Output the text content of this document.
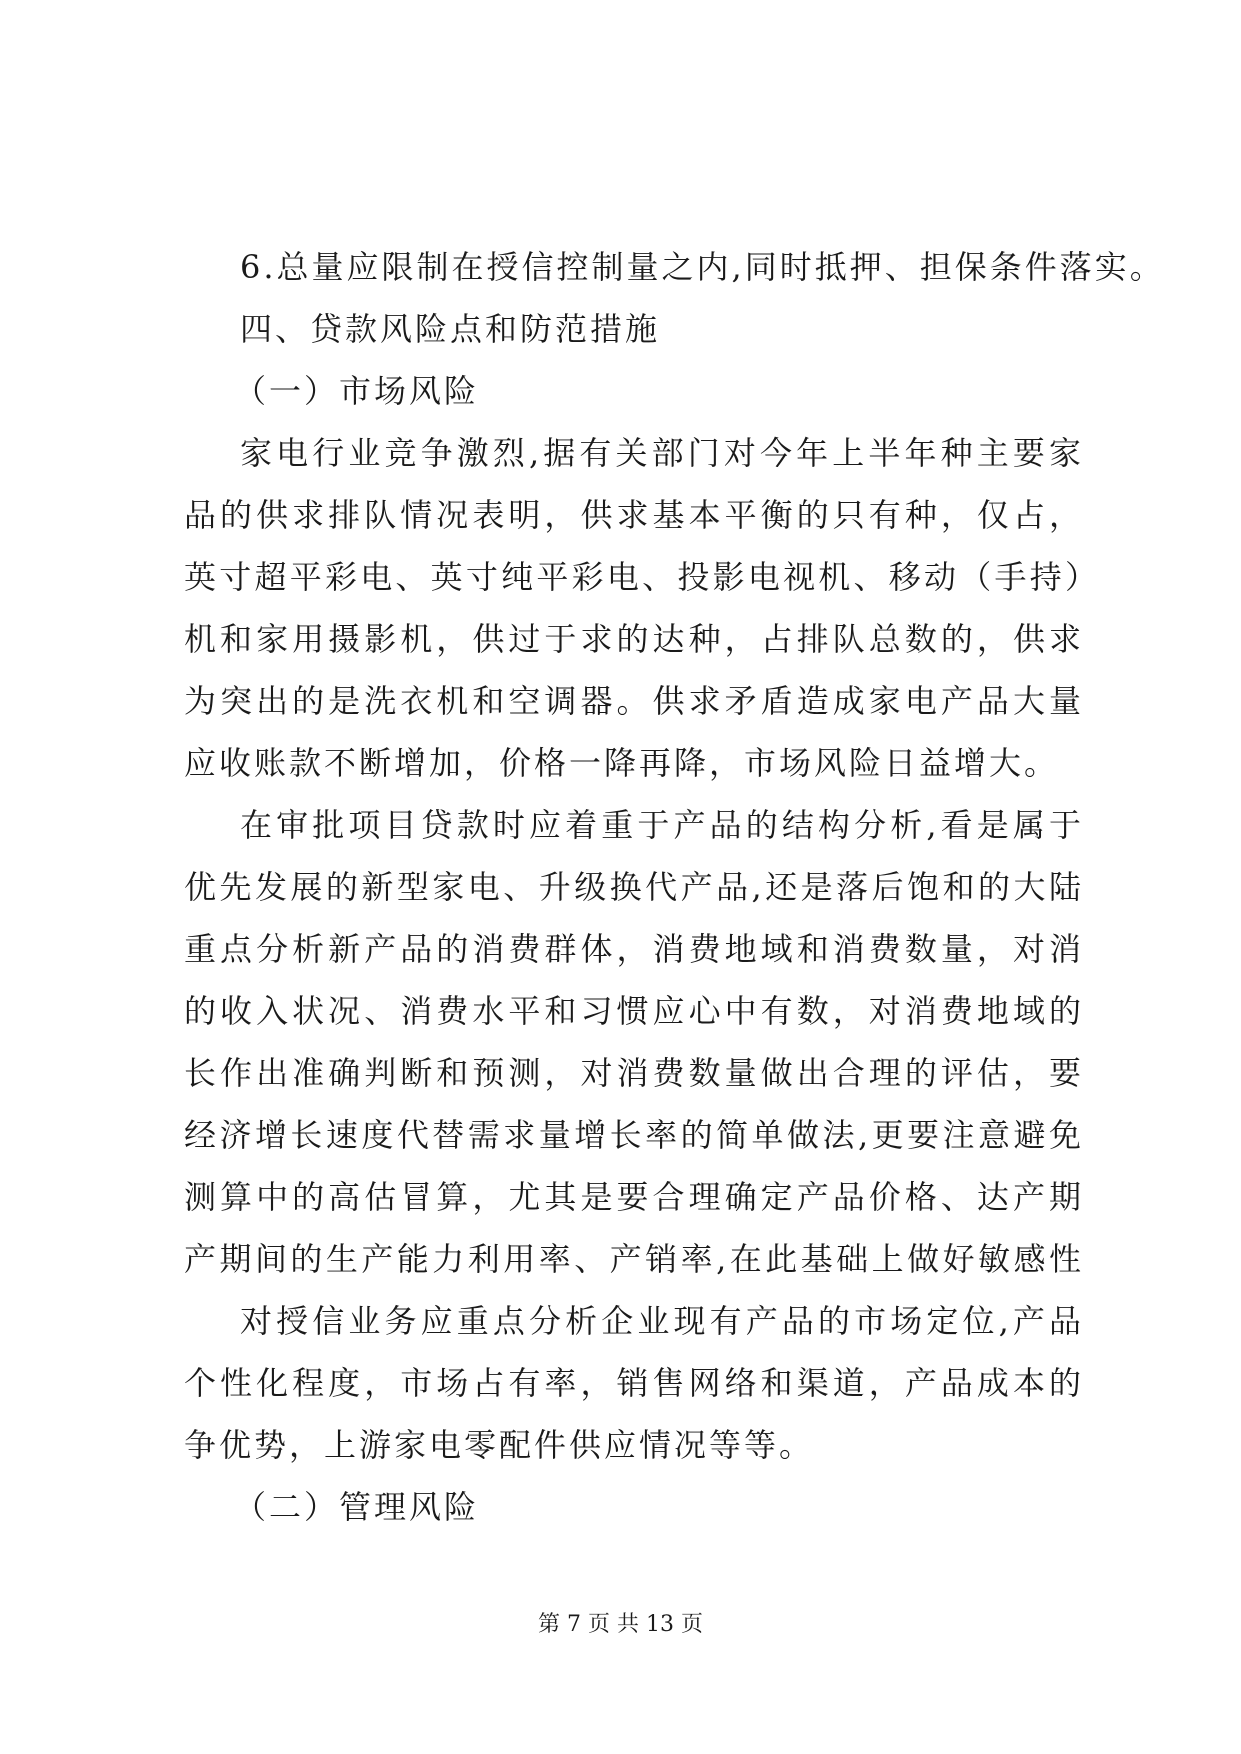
6.总量应限制在授信控制量之内,同时抵押、担保条件落实。
四、贷款风险点和防范措施
（一）市场风险
家电行业竞争激烈,据有关部门对今年上半年种主要家
品的供求排队情况表明，供求基本平衡的只有种，仅占，
英寸超平彩电、英寸纯平彩电、投影电视机、移动（手持）
机和家用摄影机，供过于求的达种，占排队总数的，供求
为突出的是洗衣机和空调器。供求矛盾造成家电产品大量
应收账款不断增加，价格一降再降，市场风险日益增大。
在审批项目贷款时应着重于产品的结构分析,看是属于
优先发展的新型家电、升级换代产品,还是落后饱和的大陆
重点分析新产品的消费群体，消费地域和消费数量，对消
的收入状况、消费水平和习惯应心中有数，对消费地域的
长作出准确判断和预测，对消费数量做出合理的评估，要
经济增长速度代替需求量增长率的简单做法,更要注意避免
测算中的高估冒算，尤其是要合理确定产品价格、达产期
产期间的生产能力利用率、产销率,在此基础上做好敏感性
对授信业务应重点分析企业现有产品的市场定位,产品
个性化程度，市场占有率，销售网络和渠道，产品成本的
争优势，上游家电零配件供应情况等等。
（二）管理风险
第 7 页 共 13 页
